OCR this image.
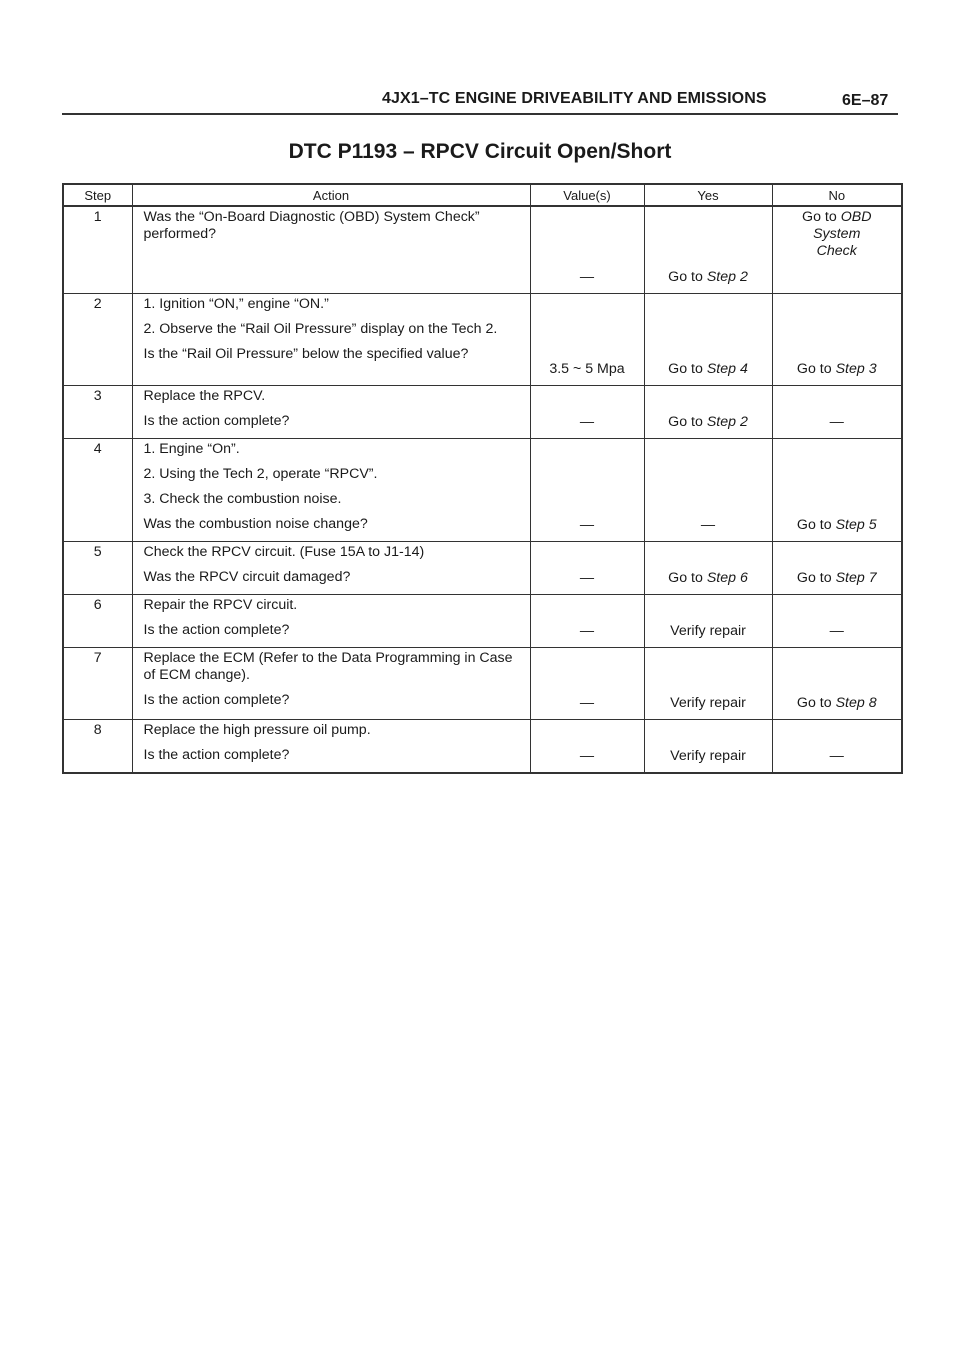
4JX1–TC ENGINE DRIVEABILITY AND EMISSIONS	6E–87
DTC P1193 – RPCV Circuit Open/Short
Step	Action	Value(s)	Yes	No
1	Was the “On-Board Diagnostic (OBD) System Check” performed?	—	Go to Step 2	Go to OBD
System
Check

2	1. Ignition “ON,” engine “ON.”
2. Observe the “Rail Oil Pressure” display on the Tech 2.
Is the “Rail Oil Pressure” below the specified value?	3.5 ~ 5 Mpa	Go to Step 4	Go to Step 3
3	Replace the RPCV.
Is the action complete?	—	Go to Step 2	—
4	1. Engine “On”.
2. Using the Tech 2, operate “RPCV”.
3. Check the combustion noise.
Was the combustion noise change?	—	—	Go to Step 5
5	Check the RPCV circuit. (Fuse 15A to J1-14)
Was the RPCV circuit damaged?	—	Go to Step 6	Go to Step 7
6	Repair the RPCV circuit.
Is the action complete?	—	Verify repair	—
7	Replace the ECM (Refer to the Data Programming in Case of ECM change).
Is the action complete?	—	Verify repair	Go to Step 8
8	Replace the high pressure oil pump.
Is the action complete?	—	Verify repair	—
